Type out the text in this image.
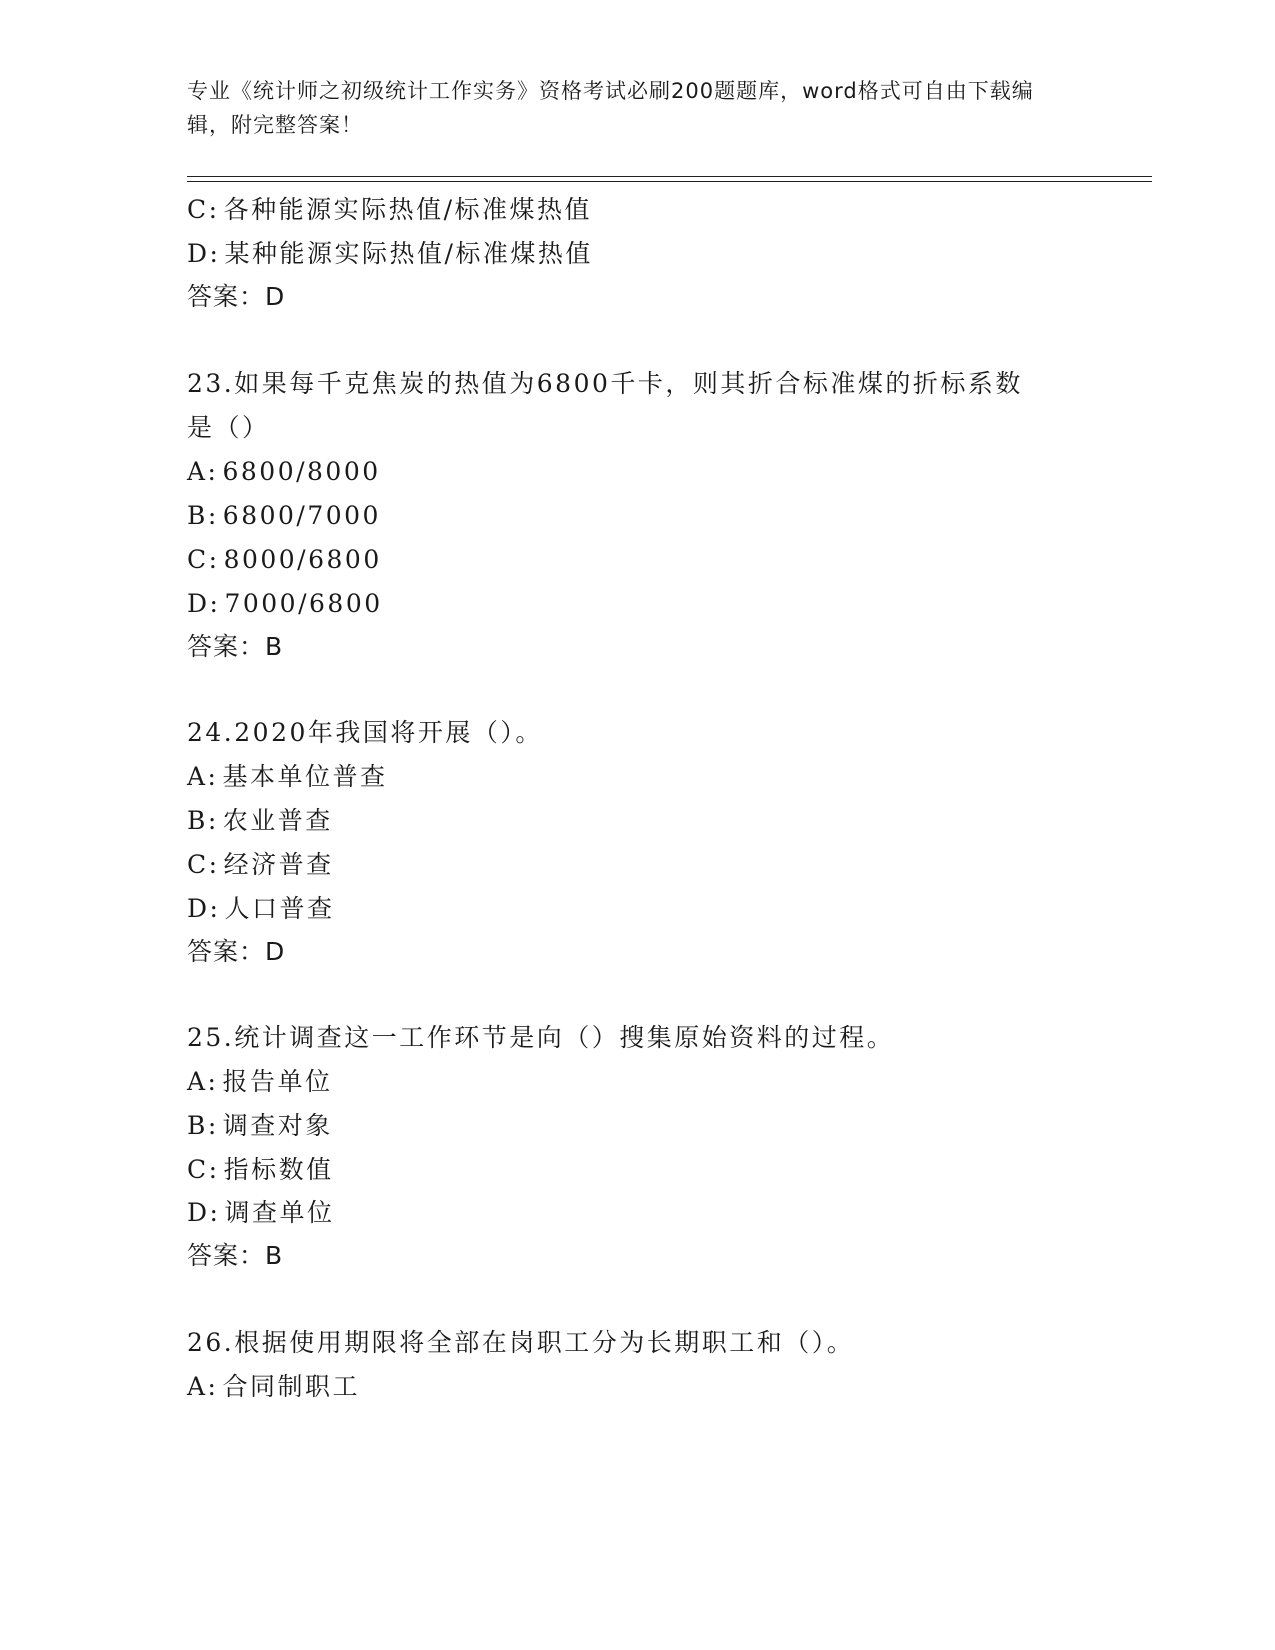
专业《统计师之初级统计工作实务》资格考试必刷200题题库，word格式可自由下载编辑，附完整答案！
C: 各种能源实际热值/标准煤热值
D: 某种能源实际热值/标准煤热值
答案：D
23.如果每千克焦炭的热值为6800千卡，则其折合标准煤的折标系数
是（）
A: 6800/8000
B: 6800/7000
C: 8000/6800
D: 7000/6800
答案：B
24.2020年我国将开展（）。
A: 基本单位普查
B: 农业普查
C: 经济普查
D: 人口普查
答案：D
25.统计调查这一工作环节是向（）搜集原始资料的过程。
A: 报告单位
B: 调查对象
C: 指标数值
D: 调查单位
答案：B
26.根据使用期限将全部在岗职工分为长期职工和（）。
A: 合同制职工
